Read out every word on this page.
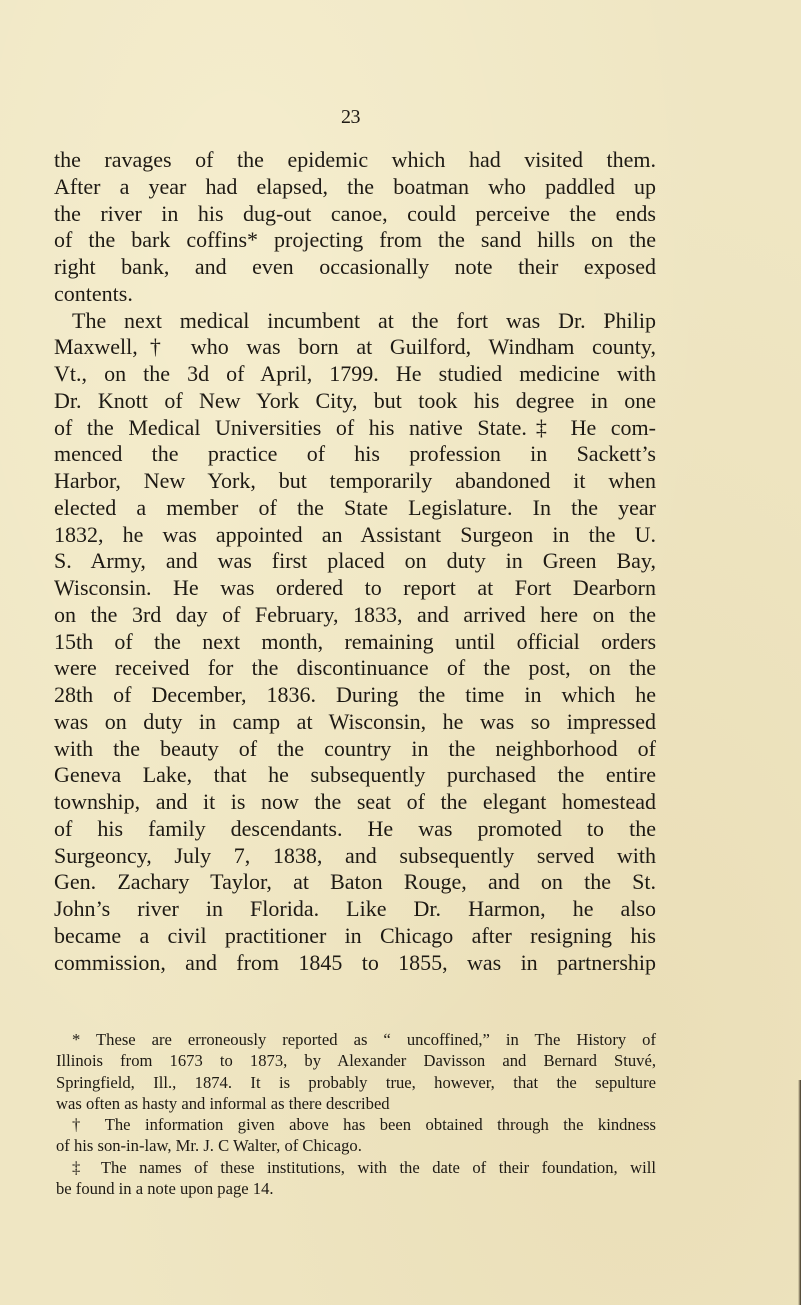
23
the ravages of the epidemic which had visited them.
After a year had elapsed, the boatman who paddled up
the river in his dug-out canoe, could perceive the ends
of the bark coffins* projecting from the sand hills on the
right bank, and even occasionally note their exposed
contents.
The next medical incumbent at the fort was Dr. Philip
Maxwell,† who was born at Guilford, Windham county,
Vt., on the 3d of April, 1799. He studied medicine with
Dr. Knott of New York City, but took his degree in one
of the Medical Universities of his native State.‡ He com-
menced the practice of his profession in Sackett’s
Harbor, New York, but temporarily abandoned it when
elected a member of the State Legislature. In the year
1832, he was appointed an Assistant Surgeon in the U.
S. Army, and was first placed on duty in Green Bay,
Wisconsin. He was ordered to report at Fort Dearborn
on the 3rd day of February, 1833, and arrived here on the
15th of the next month, remaining until official orders
were received for the discontinuance of the post, on the
28th of December, 1836. During the time in which he
was on duty in camp at Wisconsin, he was so impressed
with the beauty of the country in the neighborhood of
Geneva Lake, that he subsequently purchased the entire
township, and it is now the seat of the elegant homestead
of his family descendants. He was promoted to the
Surgeoncy, July 7, 1838, and subsequently served with
Gen. Zachary Taylor, at Baton Rouge, and on the St.
John’s river in Florida. Like Dr. Harmon, he also
became a civil practitioner in Chicago after resigning his
commission, and from 1845 to 1855, was in partnership
* These are erroneously reported as “ uncoffined,” in The History of
Illinois from 1673 to 1873, by Alexander Davisson and Bernard Stuvé,
Springfield, Ill., 1874. It is probably true, however, that the sepulture
was often as hasty and informal as there described
† The information given above has been obtained through the kindness
of his son-in-law, Mr. J. C Walter, of Chicago.
‡ The names of these institutions, with the date of their foundation, will
be found in a note upon page 14.
